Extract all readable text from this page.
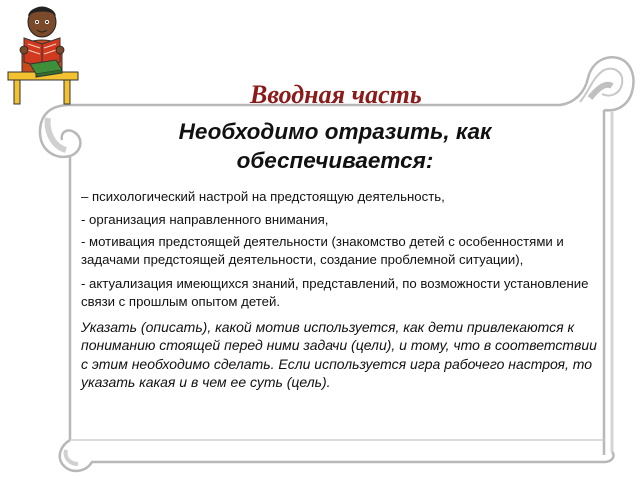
Вводная часть
Необходимо отразить, как обеспечивается:

– психологический настрой на предстоящую деятельность,

- организация направленного внимания,

- мотивация предстоящей деятельности (знакомство детей с особенностями и задачами предстоящей деятельности, создание проблемной ситуации),

- актуализация имеющихся знаний, представлений, по возможности установление связи с прошлым опытом детей.

Указать (описать), какой мотив используется, как дети привлекаются к пониманию стоящей перед ними задачи (цели), и тому, что в соответствии с этим необходимо сделать. Если используется игра рабочего настроя, то указать какая и в чем ее суть (цель).
